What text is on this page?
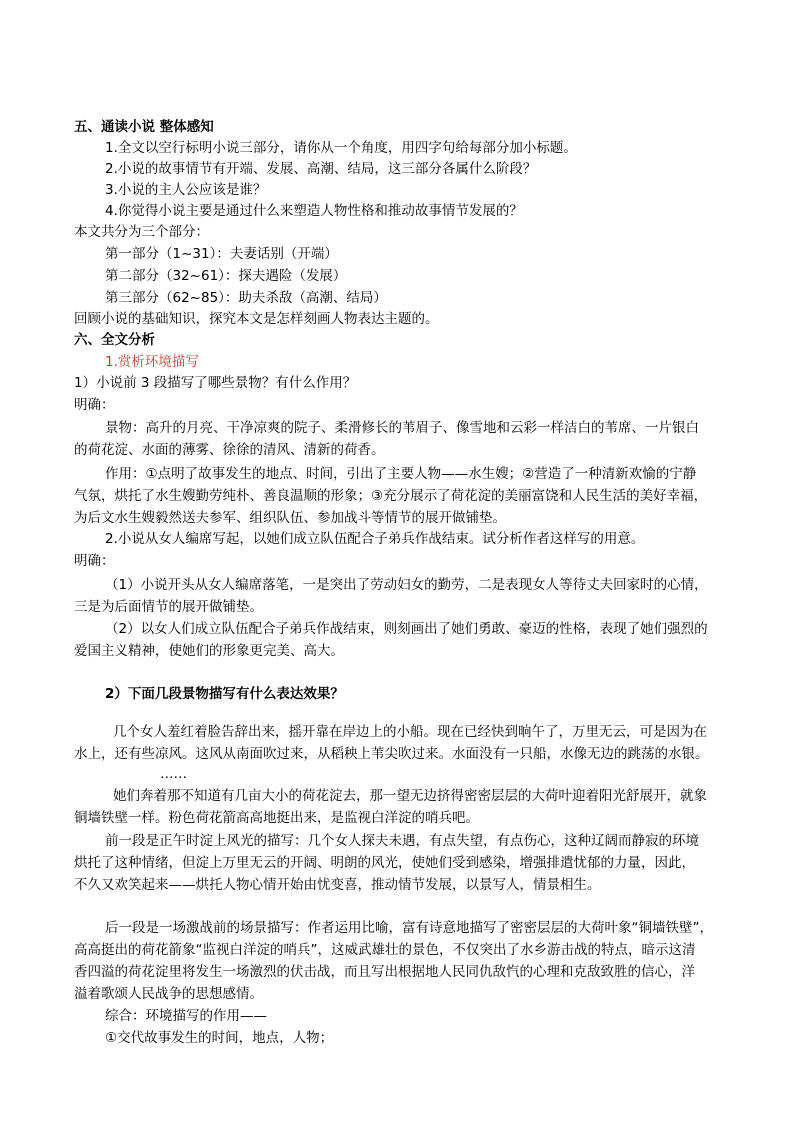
五、通读小说 整体感知
1.全文以空行标明小说三部分，请你从一个角度，用四字句给每部分加小标题。
2.小说的故事情节有开端、发展、高潮、结局，这三部分各属什么阶段？
3.小说的主人公应该是谁？
4.你觉得小说主要是通过什么来塑造人物性格和推动故事情节发展的？
本文共分为三个部分：
第一部分（1~31）：夫妻话别（开端）
第二部分（32~61）：探夫遇险（发展）
第三部分（62~85）：助夫杀敌（高潮、结局）
回顾小说的基础知识，探究本文是怎样刻画人物表达主题的。
六、全文分析
1.赏析环境描写
1）小说前 3 段描写了哪些景物？有什么作用？
明确：
景物：高升的月亮、干净凉爽的院子、柔滑修长的苇眉子、像雪地和云彩一样洁白的苇席、一片银白
的荷花淀、水面的薄雾、徐徐的清风、清新的荷香。
作用：①点明了故事发生的地点、时间，引出了主要人物——水生嫂；②营造了一种清新欢愉的宁静
气氛，烘托了水生嫂勤劳纯朴、善良温顺的形象；③充分展示了荷花淀的美丽富饶和人民生活的美好幸福，
为后文水生嫂毅然送夫参军、组织队伍、参加战斗等情节的展开做铺垫。
2.小说从女人编席写起，以她们成立队伍配合子弟兵作战结束。试分析作者这样写的用意。
明确：
（1）小说开头从女人编席落笔，一是突出了劳动妇女的勤劳，二是表现女人等待丈夫回家时的心情，
三是为后面情节的展开做铺垫。
（2）以女人们成立队伍配合子弟兵作战结束，则刻画出了她们勇敢、豪迈的性格，表现了她们强烈的
爱国主义精神，使她们的形象更完美、高大。
2）下面几段景物描写有什么表达效果？
几个女人羞红着脸告辞出来，摇开靠在岸边上的小船。现在已经快到晌午了，万里无云，可是因为在
水上，还有些凉风。这风从南面吹过来，从稻秧上苇尖吹过来。水面没有一只船，水像无边的跳荡的水银。
……
她们奔着那不知道有几亩大小的荷花淀去，那一望无边挤得密密层层的大荷叶迎着阳光舒展开，就象
铜墙铁壁一样。粉色荷花箭高高地挺出来，是监视白洋淀的哨兵吧。
前一段是正午时淀上风光的描写：几个女人探夫未遇，有点失望，有点伤心，这种辽阔而静寂的环境
烘托了这种情绪，但淀上万里无云的开阔、明朗的风光，使她们受到感染，增强排遣忧郁的力量，因此，
不久又欢笑起来——烘托人物心情开始由忧变喜，推动情节发展，以景写人，情景相生。
后一段是一场激战前的场景描写：作者运用比喻，富有诗意地描写了密密层层的大荷叶象“铜墙铁壁”，
高高挺出的荷花箭象“监视白洋淀的哨兵”，这威武雄壮的景色，不仅突出了水乡游击战的特点，暗示这清
香四溢的荷花淀里将发生一场激烈的伏击战，而且写出根据地人民同仇敌忾的心理和克敌致胜的信心，洋
溢着歌颂人民战争的思想感情。
综合：环境描写的作用——
①交代故事发生的时间，地点，人物；
